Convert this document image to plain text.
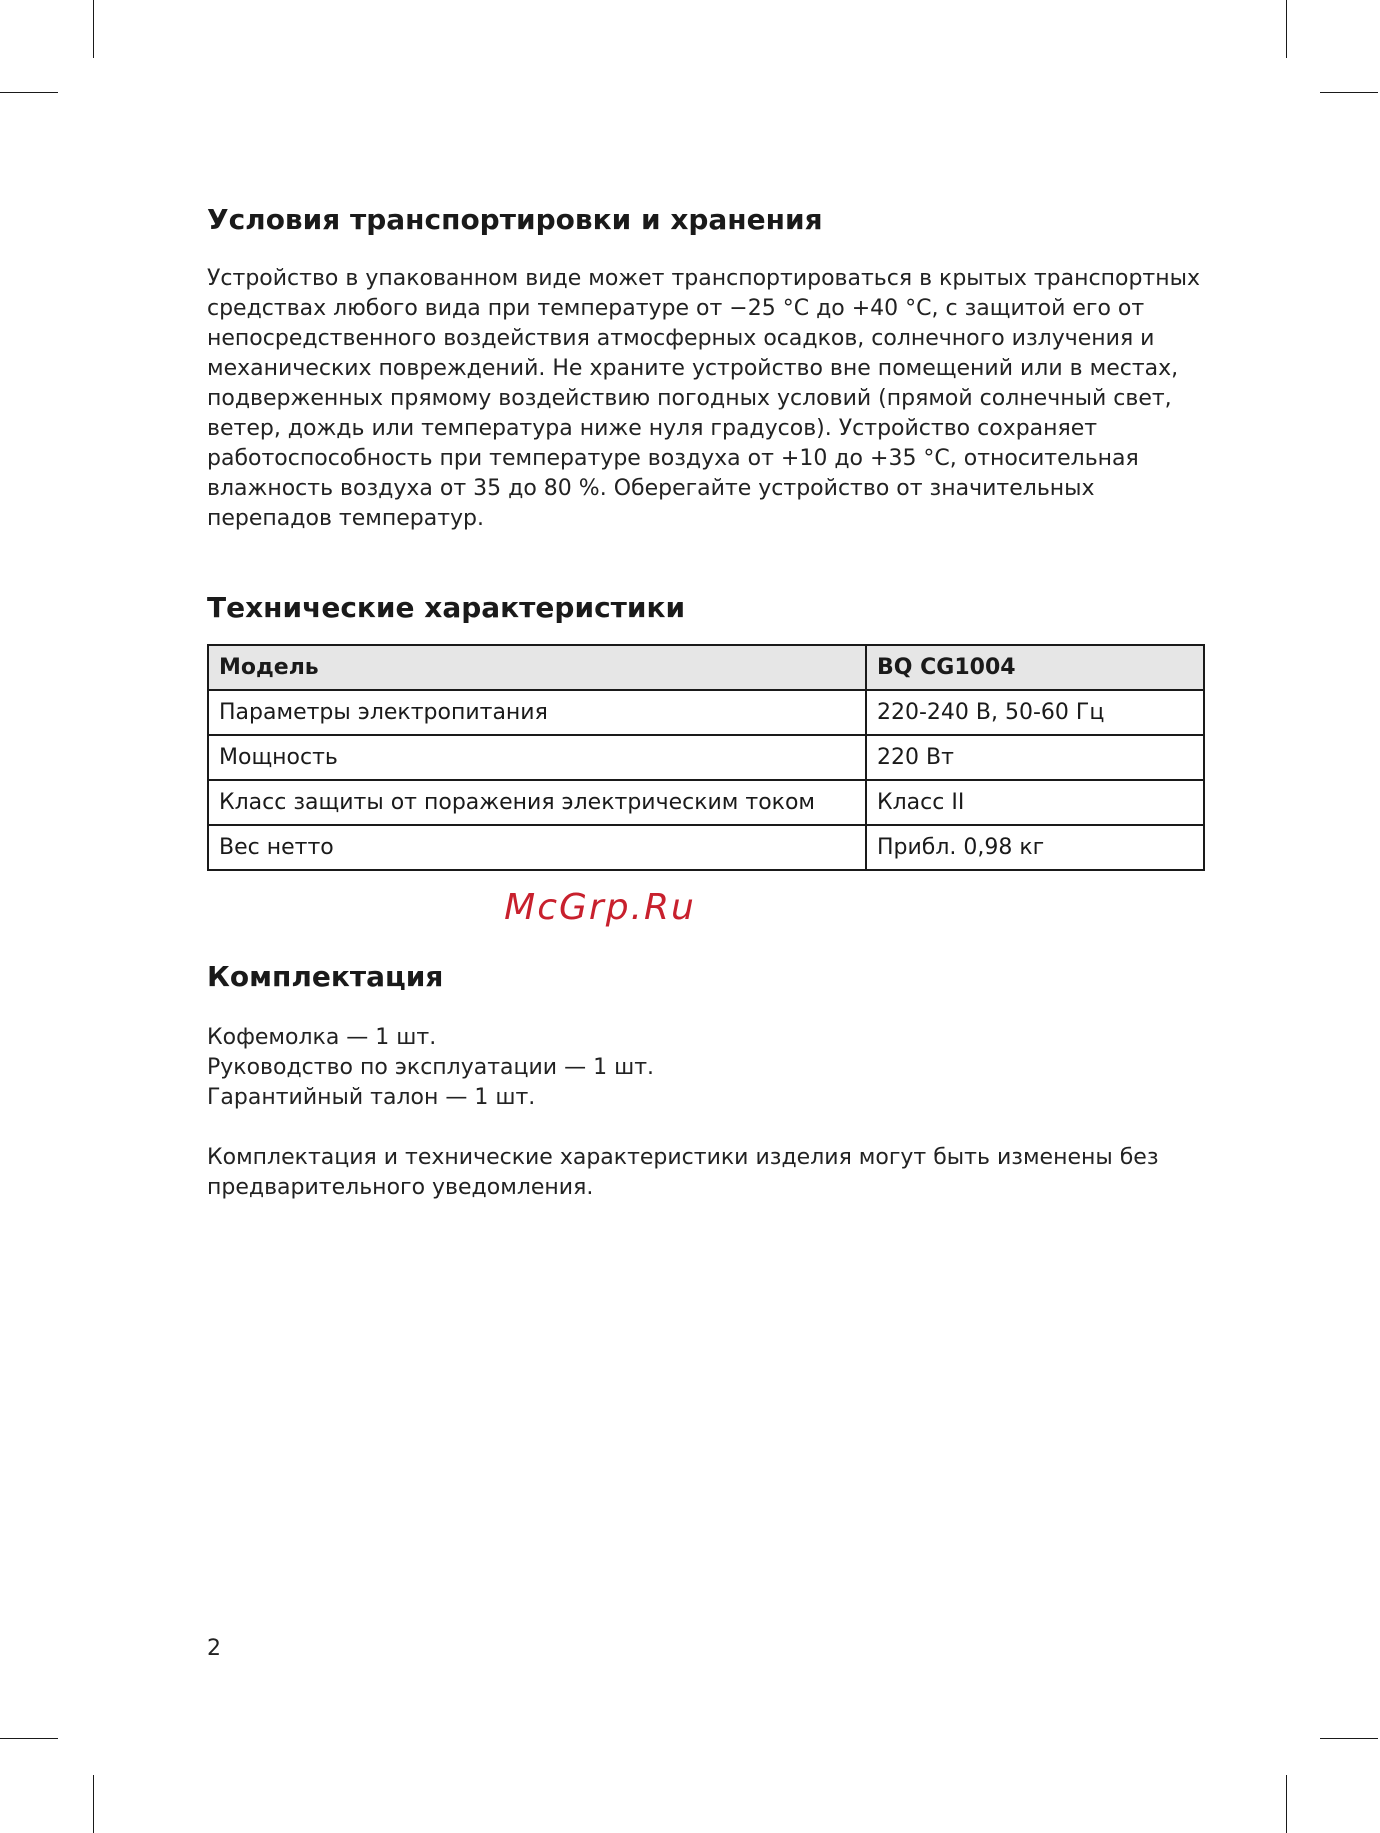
Условия транспортировки и хранения

Устройство в упакованном виде может транспортироваться в крытых транспортных средствах любого вида при температуре от −25 °C до +40 °C, с защитой его от непосредственного воздействия атмосферных осадков, солнечного излучения и механических повреждений. Не храните устройство вне помещений или в местах, подверженных прямому воздействию погодных условий (прямой солнечный свет, ветер, дождь или температура ниже нуля градусов). Устройство сохраняет работоспособность при температуре воздуха от +10 до +35 °C, относительная влажность воздуха от 35 до 80 %. Оберегайте устройство от значительных перепадов температур.

Технические характеристики
Модель	BQ CG1004
Параметры электропитания	220-240 В, 50-60 Гц
Мощность	220 Вт
Класс защиты от поражения электрическим током	Класс II
Вес нетто	Прибл. 0,98 кг
McGrp.Ru
Комплектация
Кофемолка — 1 шт.
Руководство по эксплуатации — 1 шт.
Гарантийный талон — 1 шт.

Комплектация и технические характеристики изделия могут быть изменены без предварительного уведомления.

2
